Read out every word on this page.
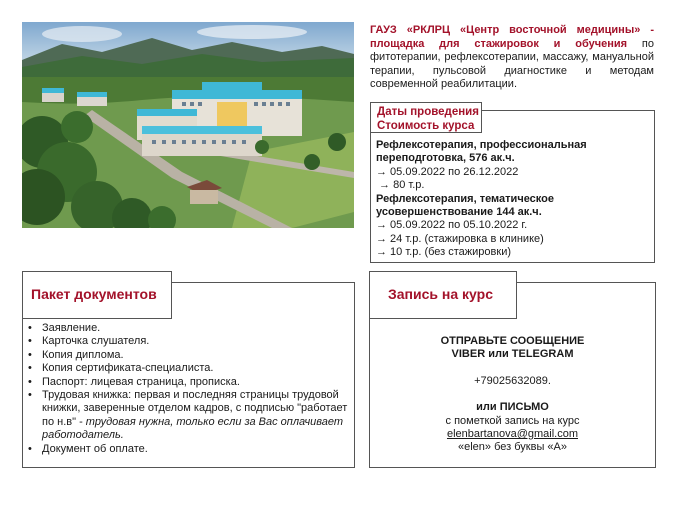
ГАУЗ «РКЛРЦ «Центр восточной медицины» - площадка для стажировок и обучения по фитотерапии, рефлексотерапии, массажу, мануальной терапии, пульсовой диагностике и методам современной реабилитации.
Даты проведения
Стоимость курса
Рефлексотерапия, профессиональная переподготовка, 576 ак.ч.
→ 05.09.2022 по 26.12.2022
→ 80 т.р.
Рефлексотерапия, тематическое усовершенствование 144 ак.ч.
→ 05.09.2022 по 05.10.2022 г.
→ 24 т.р. (стажировка в клинике)
→ 10 т.р. (без стажировки)
Пакет документов
• Заявление.
• Карточка слушателя.
• Копия диплома.
• Копия сертификата-специалиста.
• Паспорт: лицевая страница, прописка.
• Трудовая книжка: первая и последняя страницы трудовой книжки, заверенные отделом кадров, с подписью "работает по н.в" - трудовая нужна, только если за Вас оплачивает работодатель.
• Документ об оплате.
Запись на курс
ОТПРАВЬТЕ СООБЩЕНИЕ
VIBER или TELEGRAM
+79025632089.
или ПИСЬМО
с пометкой запись на курс
elenbartanova@gmail.com
«elen» без буквы «А»
